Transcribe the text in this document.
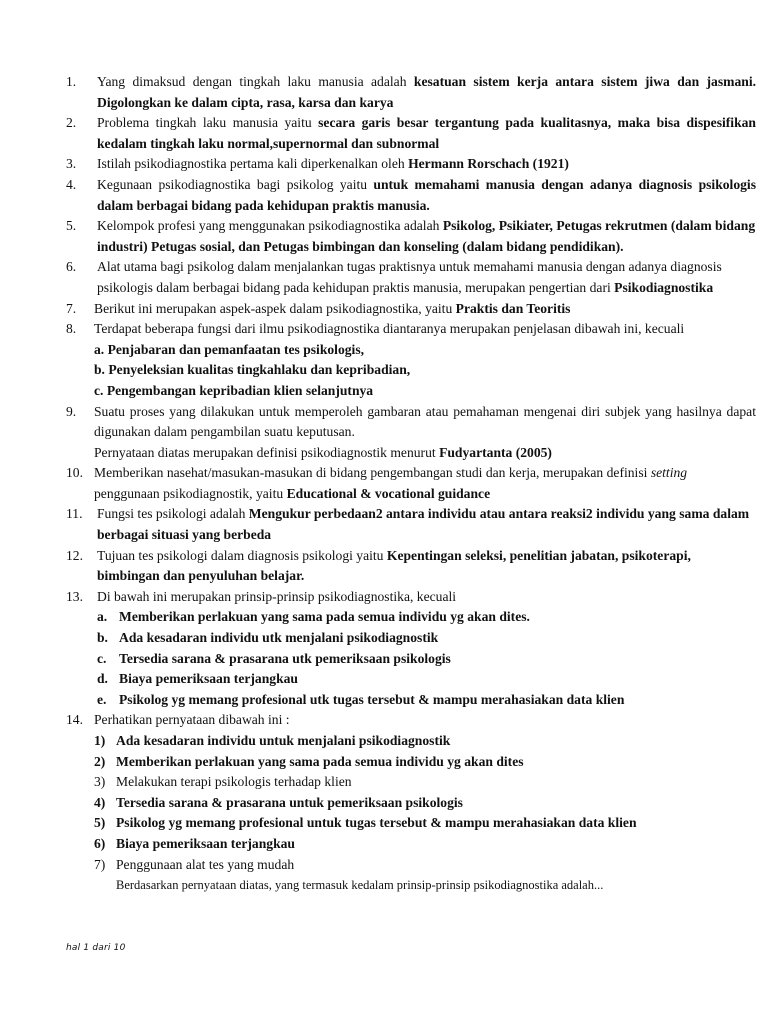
1. Yang dimaksud dengan tingkah laku manusia adalah kesatuan sistem kerja antara sistem jiwa dan jasmani. Digolongkan ke dalam cipta, rasa, karsa dan karya
2. Problema tingkah laku manusia yaitu secara garis besar tergantung pada kualitasnya, maka bisa dispesifikan kedalam tingkah laku normal,supernormal dan subnormal
3. Istilah psikodiagnostika pertama kali diperkenalkan oleh Hermann Rorschach (1921)
4. Kegunaan psikodiagnostika bagi psikolog yaitu untuk memahami manusia dengan adanya diagnosis psikologis dalam berbagai bidang pada kehidupan praktis manusia.
5. Kelompok profesi yang menggunakan psikodiagnostika adalah Psikolog, Psikiater, Petugas rekrutmen (dalam bidang industri) Petugas sosial, dan Petugas bimbingan dan konseling (dalam bidang pendidikan).
6. Alat utama bagi psikolog dalam menjalankan tugas praktisnya untuk memahami manusia dengan adanya diagnosis psikologis dalam berbagai bidang pada kehidupan praktis manusia, merupakan pengertian dari Psikodiagnostika
7. Berikut ini merupakan aspek-aspek dalam psikodiagnostika, yaitu Praktis dan Teoritis
8. Terdapat beberapa fungsi dari ilmu psikodiagnostika diantaranya merupakan penjelasan dibawah ini, kecuali
a. Penjabaran dan pemanfaatan tes psikologis,
b. Penyeleksian kualitas tingkahlaku dan kepribadian,
c. Pengembangan kepribadian klien selanjutnya
9. Suatu proses yang dilakukan untuk memperoleh gambaran atau pemahaman mengenai diri subjek yang hasilnya dapat digunakan dalam pengambilan suatu keputusan.
Pernyataan diatas merupakan definisi psikodiagnostik menurut Fudyartanta (2005)
10. Memberikan nasehat/masukan-masukan di bidang pengembangan studi dan kerja, merupakan definisi setting penggunaan psikodiagnostik, yaitu Educational & vocational guidance
11. Fungsi tes psikologi adalah Mengukur perbedaan2 antara individu atau antara reaksi2 individu yang sama dalam berbagai situasi yang berbeda
12. Tujuan tes psikologi dalam diagnosis psikologi yaitu Kepentingan seleksi, penelitian jabatan, psikoterapi, bimbingan dan penyuluhan belajar.
13. Di bawah ini merupakan prinsip-prinsip psikodiagnostika, kecuali
a. Memberikan perlakuan yang sama pada semua individu yg akan dites.
b. Ada kesadaran individu utk menjalani psikodiagnostik
c. Tersedia sarana & prasarana utk pemeriksaan psikologis
d. Biaya pemeriksaan terjangkau
e. Psikolog yg memang profesional utk tugas tersebut & mampu merahasiakan data klien
14. Perhatikan pernyataan dibawah ini :
1) Ada kesadaran individu untuk menjalani psikodiagnostik
2) Memberikan perlakuan yang sama pada semua individu yg akan dites
3) Melakukan terapi psikologis terhadap klien
4) Tersedia sarana & prasarana untuk pemeriksaan psikologis
5) Psikolog yg memang profesional untuk tugas tersebut & mampu merahasiakan data klien
6) Biaya pemeriksaan terjangkau
7) Penggunaan alat tes yang mudah
Berdasarkan pernyataan diatas, yang termasuk kedalam prinsip-prinsip psikodiagnostika adalah...
hal 1 dari 10
